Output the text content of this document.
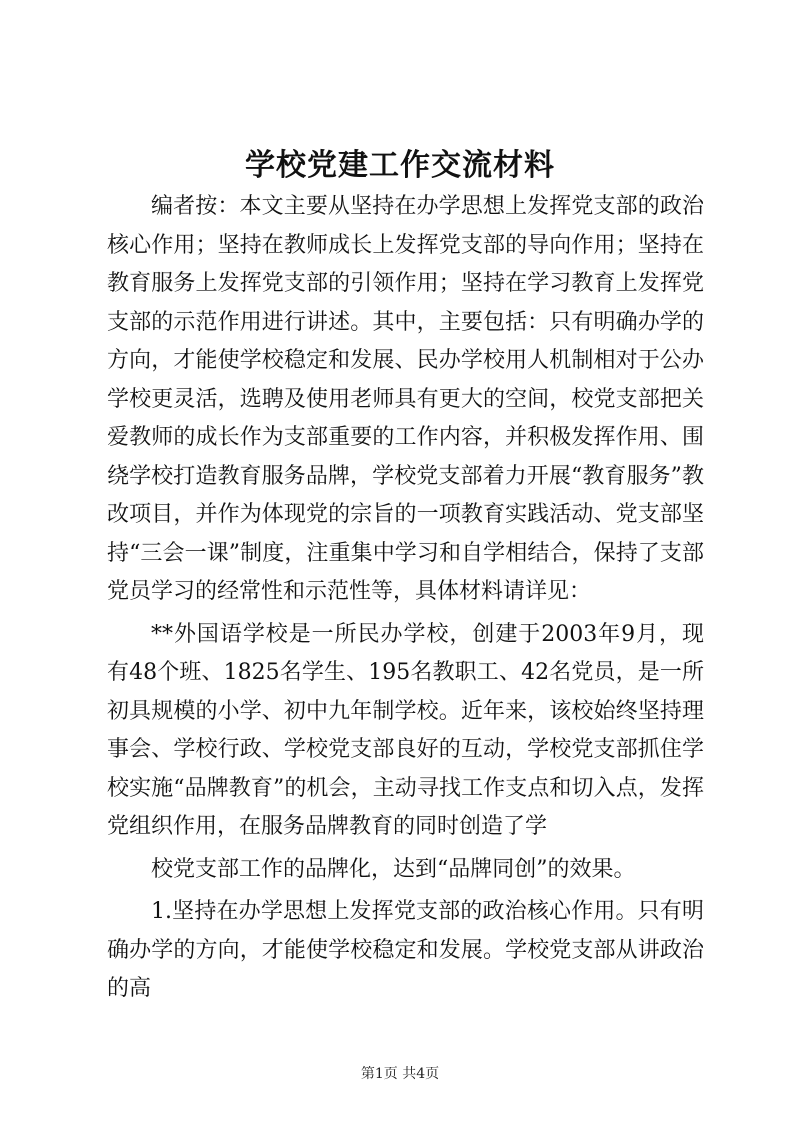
学校党建工作交流材料

编者按：本文主要从坚持在办学思想上发挥党支部的政治核心作用；坚持在教师成长上发挥党支部的导向作用；坚持在教育服务上发挥党支部的引领作用；坚持在学习教育上发挥党支部的示范作用进行讲述。其中，主要包括：只有明确办学的方向，才能使学校稳定和发展、民办学校用人机制相对于公办学校更灵活，选聘及使用老师具有更大的空间，校党支部把关爱教师的成长作为支部重要的工作内容，并积极发挥作用、围绕学校打造教育服务品牌，学校党支部着力开展“教育服务”教改项目，并作为体现党的宗旨的一项教育实践活动、党支部坚持“三会一课”制度，注重集中学习和自学相结合，保持了支部党员学习的经常性和示范性等，具体材料请详见：

**外国语学校是一所民办学校，创建于2003年9月，现有48个班、1825名学生、195名教职工、42名党员，是一所初具规模的小学、初中九年制学校。近年来，该校始终坚持理事会、学校行政、学校党支部良好的互动，学校党支部抓住学校实施“品牌教育”的机会，主动寻找工作支点和切入点，发挥党组织作用，在服务品牌教育的同时创造了学

校党支部工作的品牌化，达到“品牌同创”的效果。

1.坚持在办学思想上发挥党支部的政治核心作用。只有明确办学的方向，才能使学校稳定和发展。学校党支部从讲政治的高

第1页 共4页
